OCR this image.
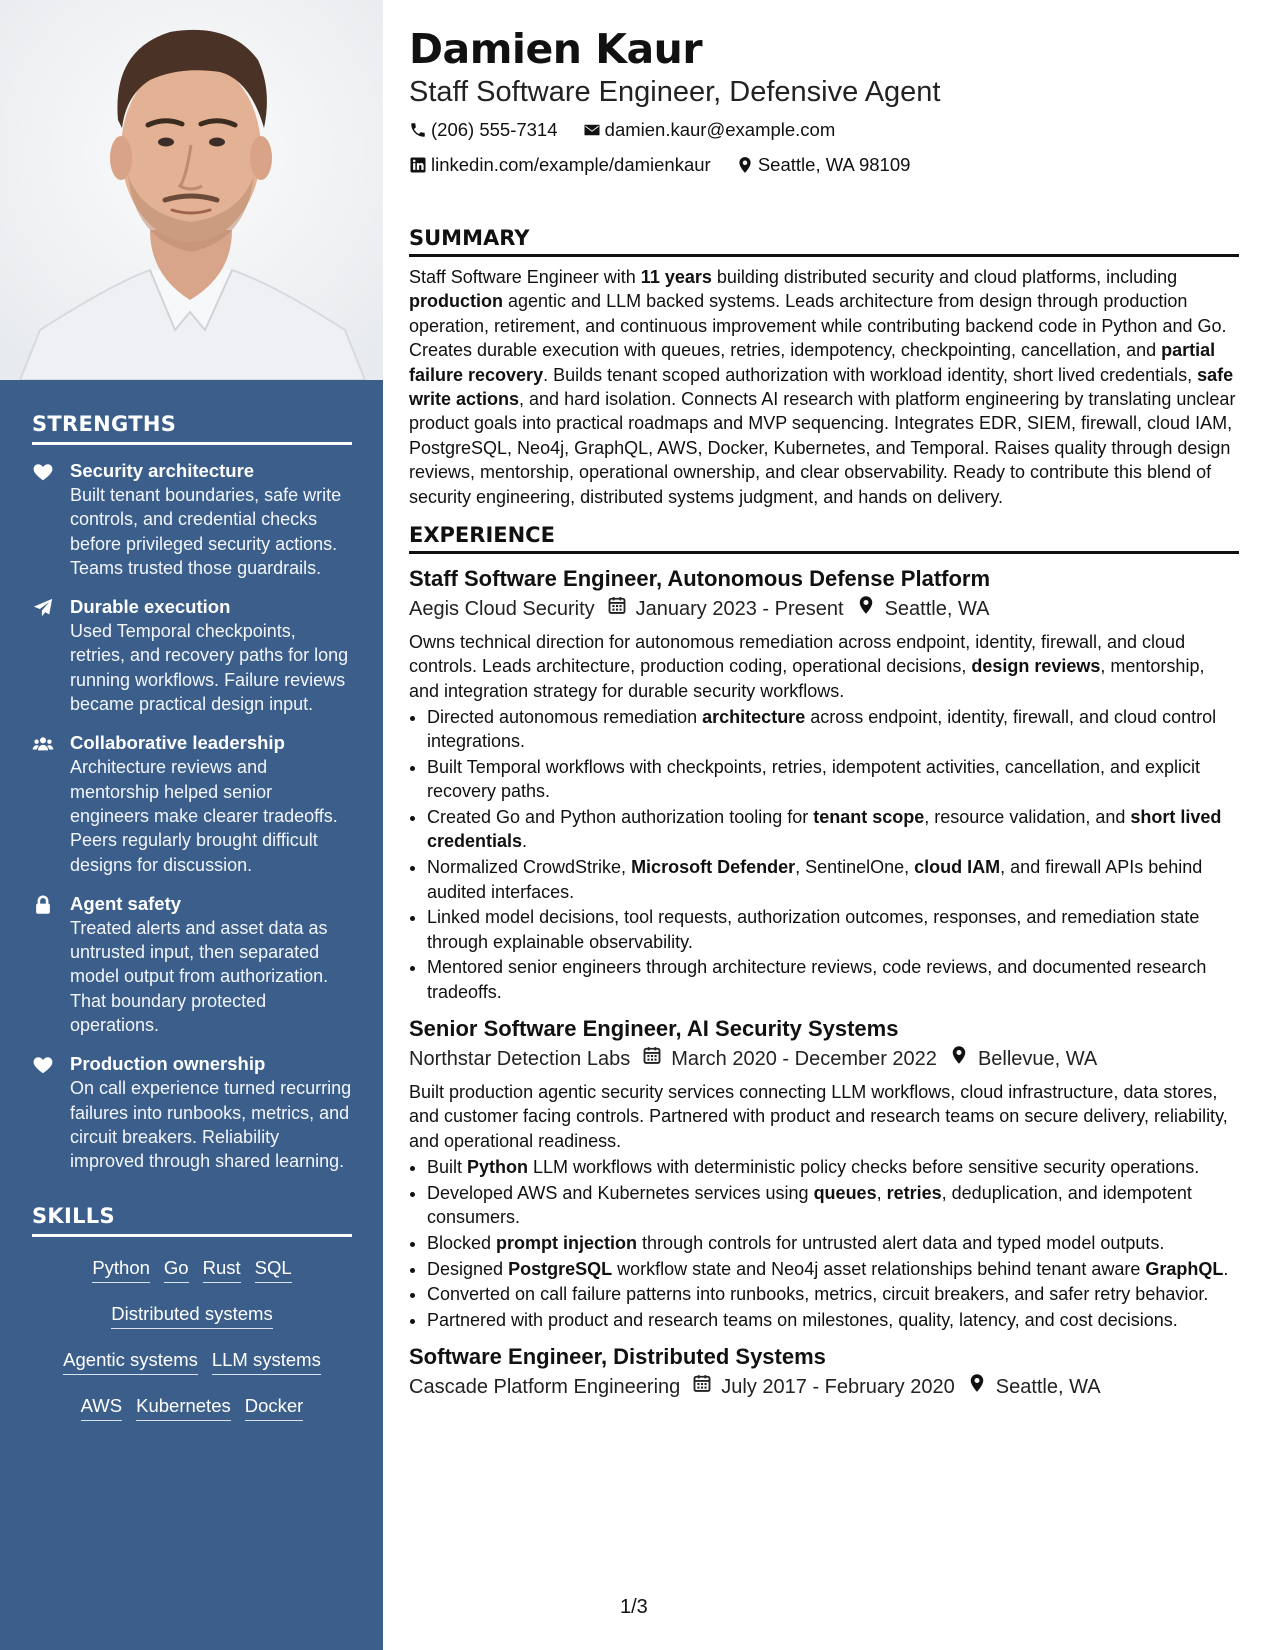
STRENGTHS
Security architecture
Built tenant boundaries, safe write controls, and credential checks before privileged security actions. Teams trusted those guardrails.
Durable execution
Used Temporal checkpoints, retries, and recovery paths for long running workflows. Failure reviews became practical design input.
Collaborative leadership
Architecture reviews and mentorship helped senior engineers make clearer tradeoffs. Peers regularly brought difficult designs for discussion.
Agent safety
Treated alerts and asset data as untrusted input, then separated model output from authorization. That boundary protected operations.
Production ownership
On call experience turned recurring failures into runbooks, metrics, and circuit breakers. Reliability improved through shared learning.
SKILLS
Python Go Rust SQL
Distributed systems
Agentic systems LLM systems
AWS Kubernetes Docker
Damien Kaur
Staff Software Engineer, Defensive Agent
(206) 555-7314
	damien.kaur@example.com
linkedin.com/example/damienkaur
	Seattle, WA 98109
SUMMARY

Staff Software Engineer with 11 years building distributed security and cloud platforms, including production agentic and LLM backed systems. Leads architecture from design through production operation, retirement, and continuous improvement while contributing backend code in Python and Go. Creates durable execution with queues, retries, idempotency, checkpointing, cancellation, and partial failure recovery. Builds tenant scoped authorization with workload identity, short lived credentials, safe write actions, and hard isolation. Connects AI research with platform engineering by translating unclear product goals into practical roadmaps and MVP sequencing. Integrates EDR, SIEM, firewall, cloud IAM, PostgreSQL, Neo4j, GraphQL, AWS, Docker, Kubernetes, and Temporal. Raises quality through design reviews, mentorship, operational ownership, and clear observability. Ready to contribute this blend of security engineering, distributed systems judgment, and hands on delivery.

EXPERIENCE
Staff Software Engineer, Autonomous Defense Platform
Aegis Cloud Security January 2023 - Present Seattle, WA

Owns technical direction for autonomous remediation across endpoint, identity, firewall, and cloud controls. Leads architecture, production coding, operational decisions, design reviews, mentorship, and integration strategy for durable security workflows.

• Directed autonomous remediation architecture across endpoint, identity, firewall, and cloud control integrations.
• Built Temporal workflows with checkpoints, retries, idempotent activities, cancellation, and explicit recovery paths.
• Created Go and Python authorization tooling for tenant scope, resource validation, and short lived credentials.
• Normalized CrowdStrike, Microsoft Defender, SentinelOne, cloud IAM, and firewall APIs behind audited interfaces.
• Linked model decisions, tool requests, authorization outcomes, responses, and remediation state through explainable observability.
• Mentored senior engineers through architecture reviews, code reviews, and documented research tradeoffs.
Senior Software Engineer, AI Security Systems
Northstar Detection Labs March 2020 - December 2022 Bellevue, WA

Built production agentic security services connecting LLM workflows, cloud infrastructure, data stores, and customer facing controls. Partnered with product and research teams on secure delivery, reliability, and operational readiness.

• Built Python LLM workflows with deterministic policy checks before sensitive security operations.
• Developed AWS and Kubernetes services using queues, retries, deduplication, and idempotent consumers.
• Blocked prompt injection through controls for untrusted alert data and typed model outputs.
• Designed PostgreSQL workflow state and Neo4j asset relationships behind tenant aware GraphQL.
• Converted on call failure patterns into runbooks, metrics, circuit breakers, and safer retry behavior.
• Partnered with product and research teams on milestones, quality, latency, and cost decisions.
Software Engineer, Distributed Systems
Cascade Platform Engineering July 2017 - February 2020 Seattle, WA
1/3
